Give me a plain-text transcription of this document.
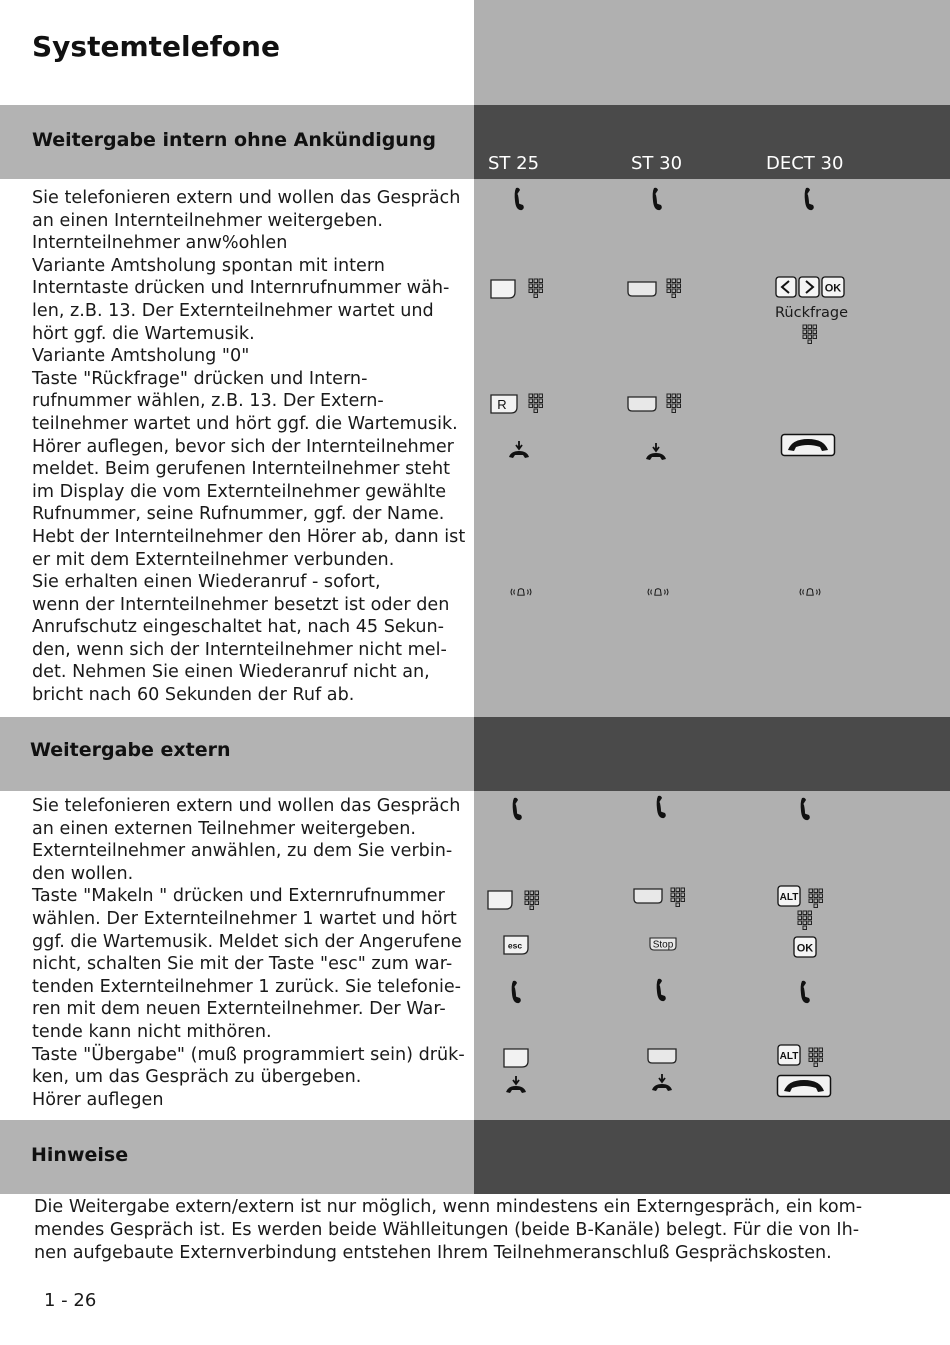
Systemtelefone
Weitergabe intern ohne Ankündigung
ST 25	ST 30	DECT 30
Sie telefonieren extern und wollen das Gespräch
an einen Internteilnehmer weitergeben.
Internteilnehmer anw%ohlen
Variante Amtsholung spontan mit intern
Interntaste drücken und Internrufnummer wäh-
len, z.B. 13. Der Externteilnehmer wartet und
hört ggf. die Wartemusik.
Variante Amtsholung "0"
Taste "Rückfrage" drücken und Intern-
rufnummer wählen, z.B. 13. Der Extern-
teilnehmer wartet und hört ggf. die Wartemusik.
Hörer auflegen, bevor sich der Internteilnehmer
meldet. Beim gerufenen Internteilnehmer steht
im Display die vom Externteilnehmer gewählte
Rufnummer, seine Rufnummer, ggf. der Name.
Hebt der Internteilnehmer den Hörer ab, dann ist
er mit dem Externteilnehmer verbunden.
Sie erhalten einen Wiederanruf - sofort,
wenn der Internteilnehmer besetzt ist oder den
Anrufschutz eingeschaltet hat, nach 45 Sekun-
den, wenn sich der Internteilnehmer nicht mel-
det. Nehmen Sie einen Wiederanruf nicht an,
bricht nach 60 Sekunden der Ruf ab.
OK
Rückfrage
R
Weitergabe extern
Sie telefonieren extern und wollen das Gespräch
an einen externen Teilnehmer weitergeben.
Externteilnehmer anwählen, zu dem Sie verbin-
den wollen.
Taste "Makeln " drücken und Externrufnummer
wählen. Der Externteilnehmer 1 wartet und hört
ggf. die Wartemusik. Meldet sich der Angerufene
nicht, schalten Sie mit der Taste "esc" zum war-
tenden Externteilnehmer 1 zurück. Sie telefonie-
ren mit dem neuen Externteilnehmer. Der War-
tende kann nicht mithören.
Taste "Übergabe" (muß programmiert sein) drük-
ken, um das Gespräch zu übergeben.
Hörer auflegen
ALT
esc	Stop	OK
ALT
Hinweise
Die Weitergabe extern/extern ist nur möglich, wenn mindestens ein Externgespräch, ein kom-
mendes Gespräch ist. Es werden beide Wählleitungen (beide B-Kanäle) belegt. Für die von Ih-
nen aufgebaute Externverbindung entstehen Ihrem Teilnehmeranschluß Gesprächskosten.
1 - 26
